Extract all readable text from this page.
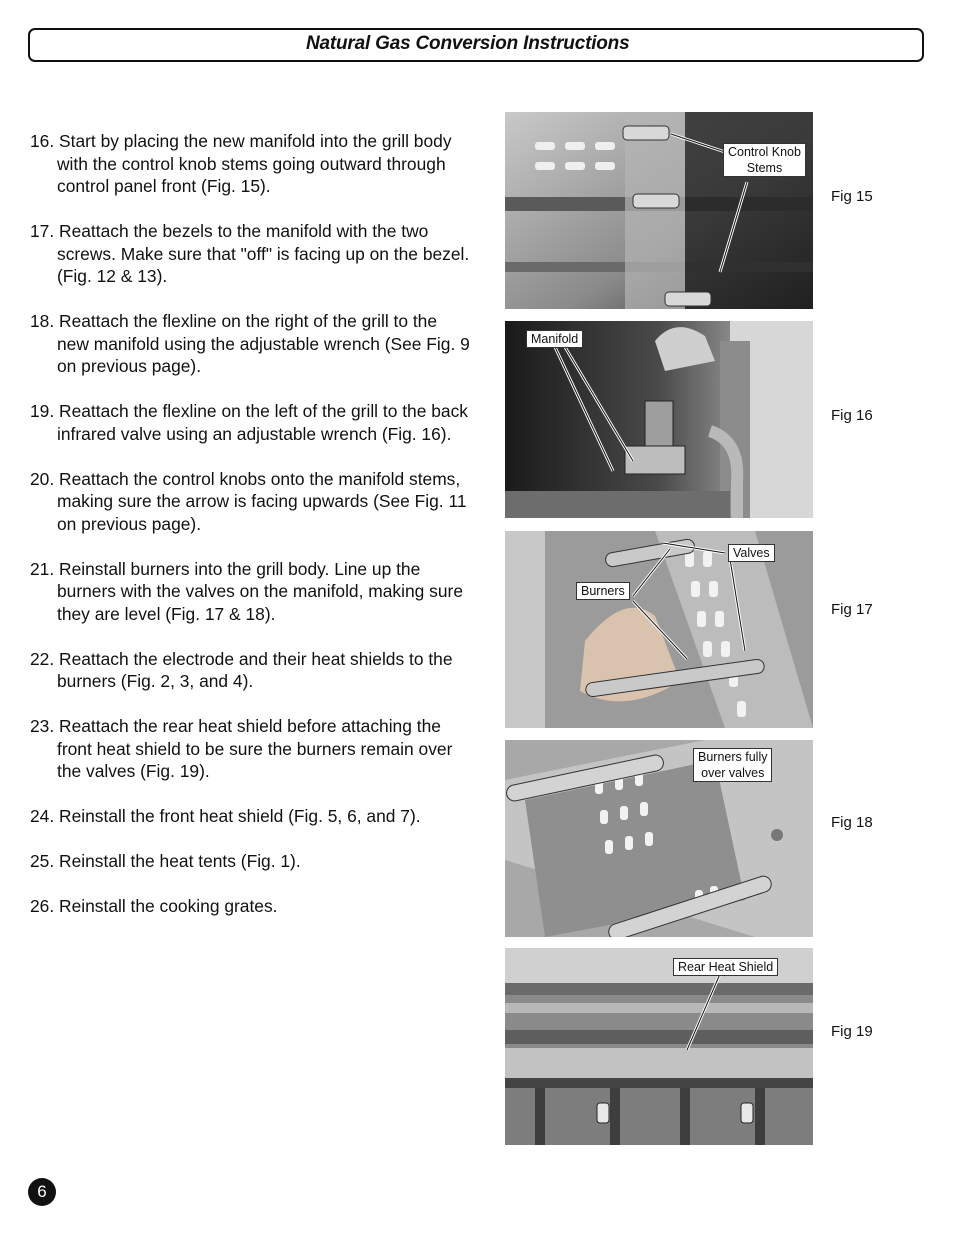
Natural Gas Conversion Instructions

16. Start by placing the new manifold into the grill body with the control knob stems going outward through control panel front (Fig. 15).

17. Reattach the bezels to the manifold with the two screws. Make sure that "off" is facing up on the bezel. (Fig. 12 & 13).

18. Reattach the flexline on the right of the grill to the new manifold using the adjustable wrench (See Fig. 9 on previous page).

19. Reattach the flexline on the left of the grill to the back infrared valve using an adjustable wrench (Fig. 16).

20. Reattach the control knobs onto the manifold stems, making sure the arrow is facing upwards (See Fig. 11 on previous page).

21. Reinstall burners into the grill body. Line up the burners with the valves on the manifold, making sure they are level (Fig. 17 & 18).

22. Reattach the electrode and their heat shields to the burners (Fig. 2, 3, and 4).

23. Reattach the rear heat shield before attaching the front heat shield to be sure the burners remain over the valves (Fig. 19).

24. Reinstall the front heat shield (Fig. 5, 6, and 7).

25. Reinstall the heat tents (Fig. 1).

26. Reinstall the cooking grates.

Control Knob
Stems
Fig 15
Manifold
Fig 16
Valves
Burners
Fig 17
Burners fully
over valves
Fig 18
Rear Heat Shield
Fig 19
6
